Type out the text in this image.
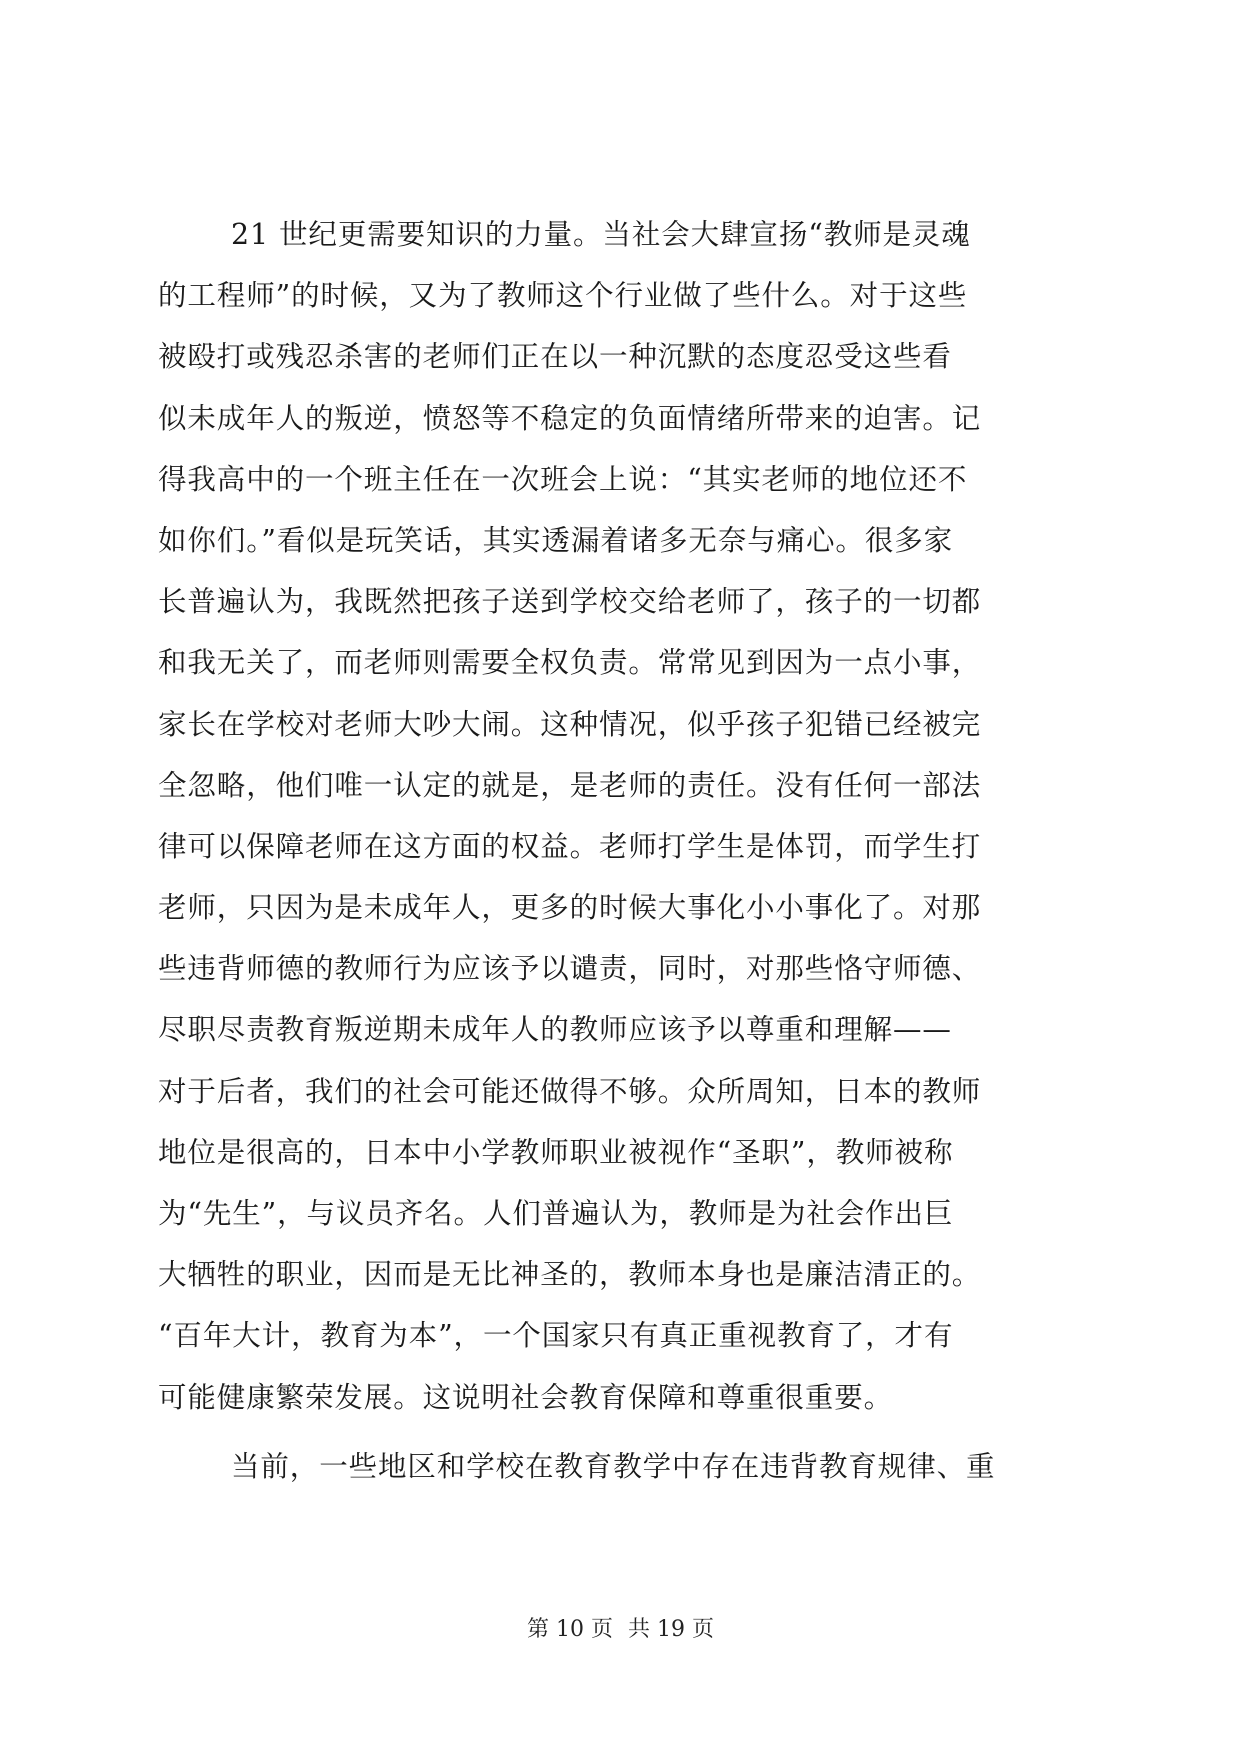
21 世纪更需要知识的力量。当社会大肆宣扬“教师是灵魂
的工程师”的时候，又为了教师这个行业做了些什么。对于这些
被殴打或残忍杀害的老师们正在以一种沉默的态度忍受这些看
似未成年人的叛逆，愤怒等不稳定的负面情绪所带来的迫害。记
得我高中的一个班主任在一次班会上说：“其实老师的地位还不
如你们。”看似是玩笑话，其实透漏着诸多无奈与痛心。很多家
长普遍认为，我既然把孩子送到学校交给老师了，孩子的一切都
和我无关了，而老师则需要全权负责。常常见到因为一点小事，
家长在学校对老师大吵大闹。这种情况，似乎孩子犯错已经被完
全忽略，他们唯一认定的就是，是老师的责任。没有任何一部法
律可以保障老师在这方面的权益。老师打学生是体罚，而学生打
老师，只因为是未成年人，更多的时候大事化小小事化了。对那
些违背师德的教师行为应该予以谴责，同时，对那些恪守师德、
尽职尽责教育叛逆期未成年人的教师应该予以尊重和理解——
对于后者，我们的社会可能还做得不够。众所周知，日本的教师
地位是很高的，日本中小学教师职业被视作“圣职”，教师被称
为“先生”，与议员齐名。人们普遍认为，教师是为社会作出巨
大牺牲的职业，因而是无比神圣的，教师本身也是廉洁清正的。
“百年大计，教育为本”，一个国家只有真正重视教育了，才有
可能健康繁荣发展。这说明社会教育保障和尊重很重要。
当前，一些地区和学校在教育教学中存在违背教育规律、重
第 10 页 共 19 页
